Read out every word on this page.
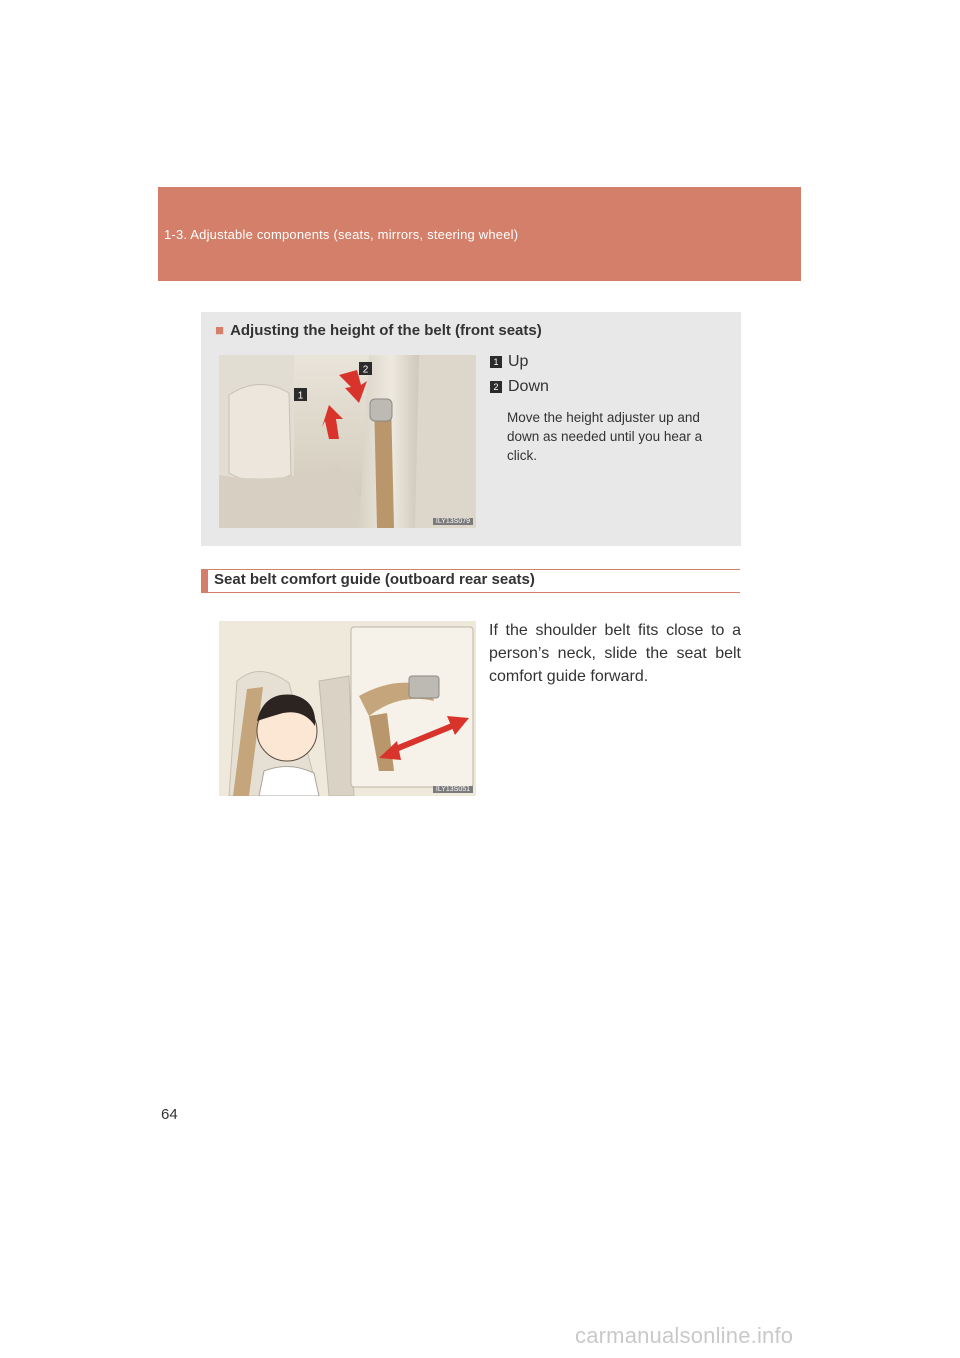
1-3. Adjustable components (seats, mirrors, steering wheel)
■ Adjusting the height of the belt (front seats)
2
1
ILY13S079
1 Up
2 Down
Move the height adjuster up and down as needed until you hear a click.
Seat belt comfort guide (outboard rear seats)
ILY13S051
If the shoulder belt fits close to a person’s neck, slide the seat belt comfort guide forward.
64
carmanualsonline.info
